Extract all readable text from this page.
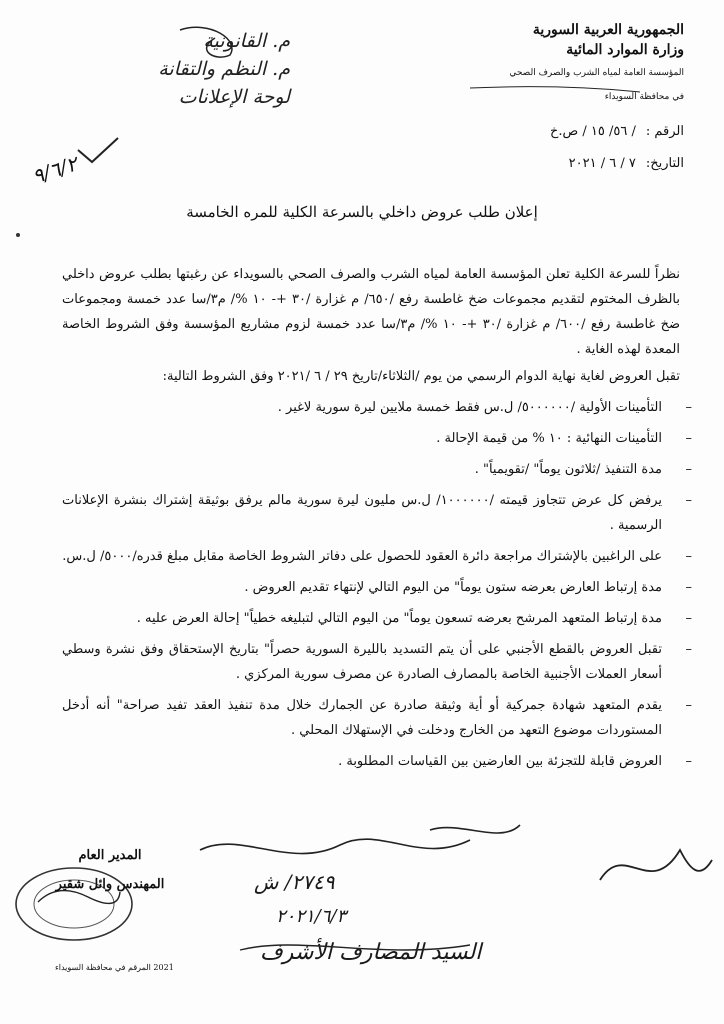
الجمهورية العربية السورية
وزارة الموارد المائية
المؤسسة العامة لمياه الشرب والصرف الصحي
في محافظة السويداء
م. القانونية
م. النظم والتقانة
لوحة الإعلانات
٩/٦/٢
الرقم :/ ٥٦/ ١٥ / ص.خ
التاريخ:٧ / ٦ / ٢٠٢١
إعلان طلب عروض داخلي بالسرعة الكلية للمره الخامسة

نظراً للسرعة الكلية تعلن المؤسسة العامة لمياه الشرب والصرف الصحي بالسويداء عن رغبتها بطلب عروض داخلي بالظرف المختوم لتقديم مجموعات ضخ غاطسة رفع /٦٥٠/ م غزارة /٣٠ +- ١٠ %/ م٣/سا عدد خمسة ومجموعات ضخ غاطسة رفع /٦٠٠/ م غزارة /٣٠ +- ١٠ %/ م٣/سا عدد خمسة لزوم مشاريع المؤسسة وفق الشروط الخاصة المعدة لهذه الغاية .

تقبل العروض لغاية نهاية الدوام الرسمي من يوم /الثلاثاء/تاريخ ٢٩ / ٦ /٢٠٢١ وفق الشروط التالية:

– التأمينات الأولية /٥٠٠٠٠٠٠/ ل.س فقط خمسة ملايين ليرة سورية لاغير .
– التأمينات النهائية : ١٠ % من قيمة الإحالة .
– مدة التنفيذ /ثلاثون يوماً" /تقويمياً" .
– يرفض كل عرض تتجاوز قيمته /١٠٠٠٠٠٠/ ل.س مليون ليرة سورية مالم يرفق بوثيقة إشتراك بنشرة الإعلانات الرسمية .
– على الراغبين بالإشتراك مراجعة دائرة العقود للحصول على دفاتر الشروط الخاصة مقابل مبلغ قدره/٥٠٠٠/ ل.س.
– مدة إرتباط العارض بعرضه ستون يوماً" من اليوم التالي لإنتهاء تقديم العروض .
– مدة إرتباط المتعهد المرشح بعرضه تسعون يوماً" من اليوم التالي لتبليغه خطياً" إحالة العرض عليه .
– تقبل العروض بالقطع الأجنبي على أن يتم التسديد بالليرة السورية حصراً" بتاريخ الإستحقاق وفق نشرة وسطي أسعار العملات الأجنبية الخاصة بالمصارف الصادرة عن مصرف سورية المركزي .
– يقدم المتعهد شهادة جمركية أو أية وثيقة صادرة عن الجمارك خلال مدة تنفيذ العقد تفيد صراحة" أنه أدخل المستوردات موضوع التعهد من الخارج ودخلت في الإستهلاك المحلي .
– العروض قابلة للتجزئة بين العارضين بين القياسات المطلوبة .
المدير العام
المهندس وائل شقير
2021 المرقم في محافظة السويداء
٢٧٤٩/ ش
٢٠٢١/٦/٣
السيد المصارف الأشرف
